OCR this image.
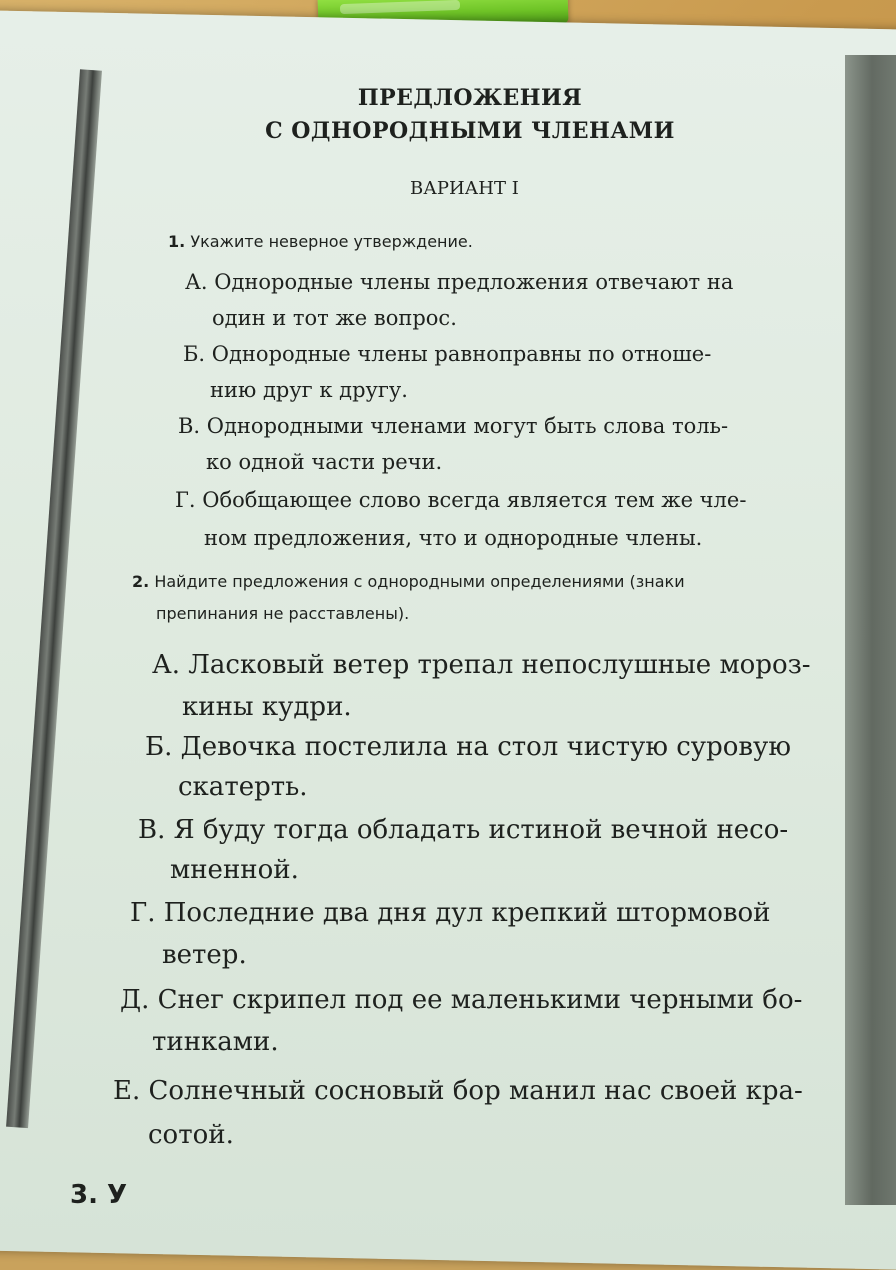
ПРЕДЛОЖЕНИЯ
С ОДНОРОДНЫМИ ЧЛЕНАМИ
ВАРИАНТ I
1. Укажите неверное утверждение.
А. Однородные члены предложения отвечают на
один и тот же вопрос.
Б. Однородные члены равноправны по отноше-
нию друг к другу.
В. Однородными членами могут быть слова толь-
ко одной части речи.
Г. Обобщающее слово всегда является тем же чле-
ном предложения, что и однородные члены.
2. Найдите предложения с однородными определениями (знаки
препинания не расставлены).
А. Ласковый ветер трепал непослушные мороз-
кины кудри.
Б. Девочка постелила на стол чистую суровую
скатерть.
В. Я буду тогда обладать истиной вечной несо-
мненной.
Г. Последние два дня дул крепкий штормовой
ветер.
Д. Снег скрипел под ее маленькими черными бо-
тинками.
Е. Солнечный сосновый бор манил нас своей кра-
сотой.
3. У
